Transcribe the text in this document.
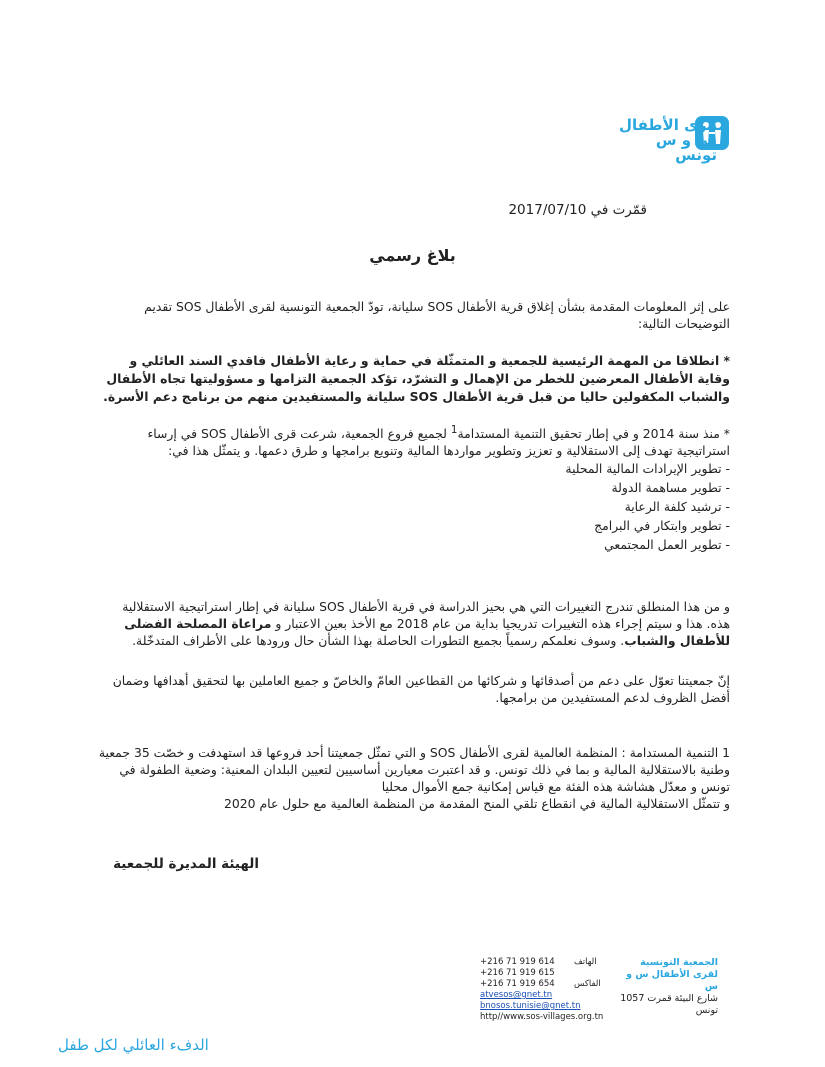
قرى الأطفال
س و س
تونس
قمّرت في 2017/07/10
بلاغ رسمي
على إثر المعلومات المقدمة بشأن إغلاق قرية الأطفال SOS سليانة، تودّ الجمعية التونسية لقرى الأطفال SOS تقديم التوضيحات التالية:
* انطلاقا من المهمة الرئيسية للجمعية و المتمثّلة في حماية و رعاية الأطفال فاقدي السند العائلي و وقاية الأطفال المعرضين للخطر من الإهمال و التشرّد، تؤكد الجمعية التزامها و مسؤوليتها تجاه الأطفال والشباب المكفولين حاليا من قبل قرية الأطفال SOS سليانة والمستفيدين منهم من برنامج دعم الأسرة.
* منذ سنة 2014 و في إطار تحقيق التنمية المستدامة$^1$ لجميع فروع الجمعية، شرعت قرى الأطفال SOS في إرساء استراتيجية تهدف إلى الاستقلالية و تعزيز وتطوير مواردها المالية وتنويع برامجها و طرق دعمها. و يتمثّل هذا في:
- تطوير الإيرادات المالية المحلية
- تطوير مساهمة الدولة
- ترشيد كلفة الرعاية
- تطوير وابتكار في البرامج
- تطوير العمل المجتمعي
و من هذا المنطلق تندرج التغييرات التي هي بحيز الدراسة في قرية الأطفال SOS سليانة في إطار استراتيجية الاستقلالية هذه. هذا و سيتم إجراء هذه التغييرات تدريجيا بداية من عام 2018 مع الأخذ بعين الاعتبار و مراعاة المصلحة الفضلى للأطفال والشباب. وسوف نعلمكم رسمياً بجميع التطورات الحاصلة بهذا الشأن حال ورودها على الأطراف المتدخّلة.
إنّ جمعيتنا تعوّل على دعم من أصدقائها و شركائها من القطاعين العامّ والخاصّ و جميع العاملين بها لتحقيق أهدافها وضمان أفضل الظروف لدعم المستفيدين من برامجها.
1 التنمية المستدامة : المنظمة العالمية لقرى الأطفال SOS و التي تمثّل جمعيتنا أحد فروعها قد استهدفت و خصّت 35 جمعية وطنية بالاستقلالية المالية و بما في ذلك تونس. و قد اعتبرت معيارين أساسيين لتعيين البلدان المعنية: وضعية الطفولة في تونس و معدّل هشاشة هذه الفئة مع قياس إمكانية جمع الأموال محليا
و تتمثّل الاستقلالية المالية في انقطاع تلقي المنح المقدمة من المنظمة العالمية مع حلول عام 2020
الهيئة المديرة للجمعية
+216 71 919 614 الهاتف
+216 71 919 615
+216 71 919 654 الفاكس
atvesos@gnet.tn
bnosos.tunisie@gnet.tn
http//www.sos-villages.org.tn
الجمعية التونسية
لقرى الأطفال س و س
شارع البيئة قمرت 1057
تونس
الدفء العائلي لكل طفل
